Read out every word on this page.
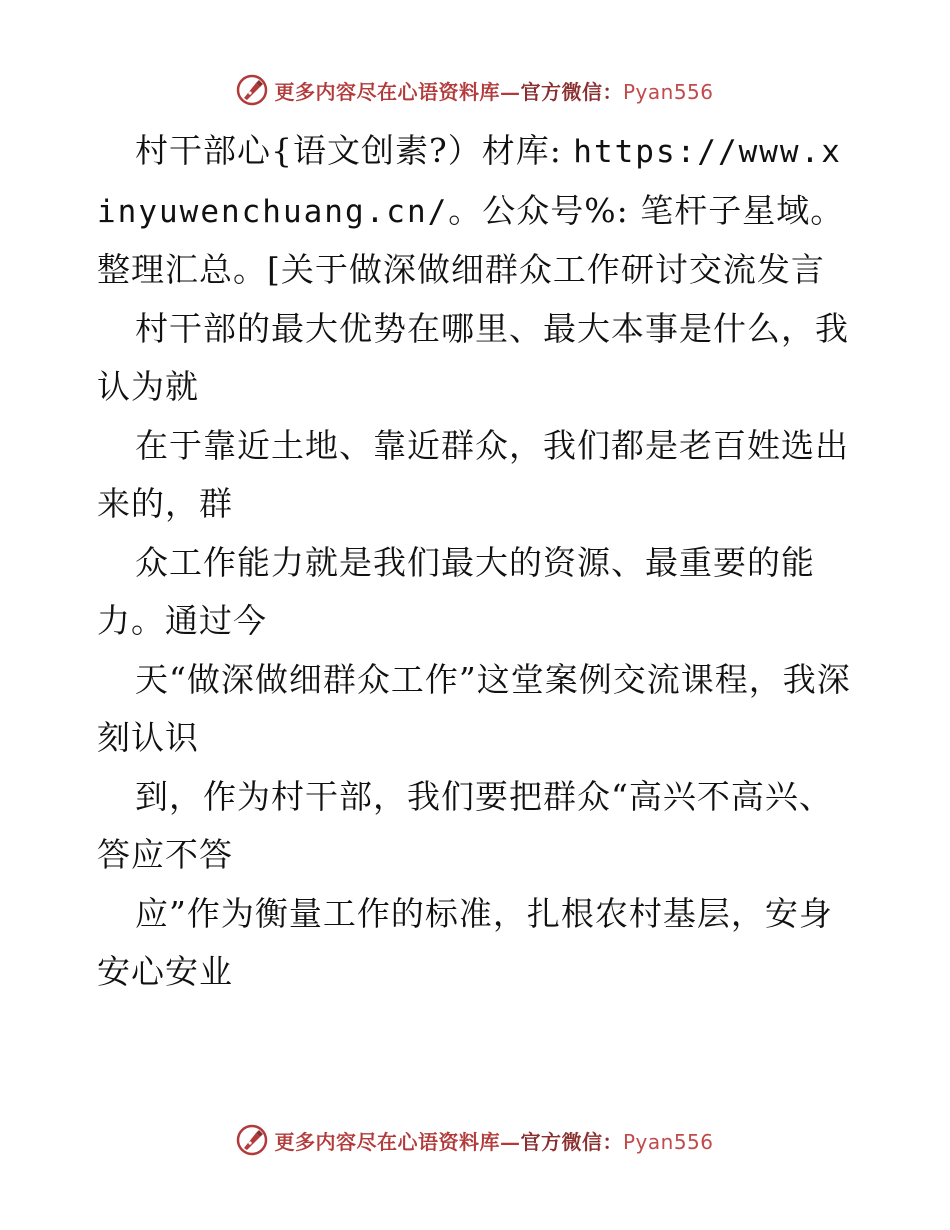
更多内容尽在心语资料库—官方微信：Pyan556

村干部心{语文创素?）材库: https://www.xinyuwenchuang.cn/。公众号%: 笔杆子星域。整理汇总。[关于做深做细群众工作研讨交流发言

村干部的最大优势在哪里、最大本事是什么，我认为就

在于靠近土地、靠近群众，我们都是老百姓选出来的，群

众工作能力就是我们最大的资源、最重要的能力。通过今

天“做深做细群众工作”这堂案例交流课程，我深刻认识

到，作为村干部，我们要把群众“高兴不高兴、答应不答

应”作为衡量工作的标准，扎根农村基层，安身安心安业

更多内容尽在心语资料库—官方微信：Pyan556
